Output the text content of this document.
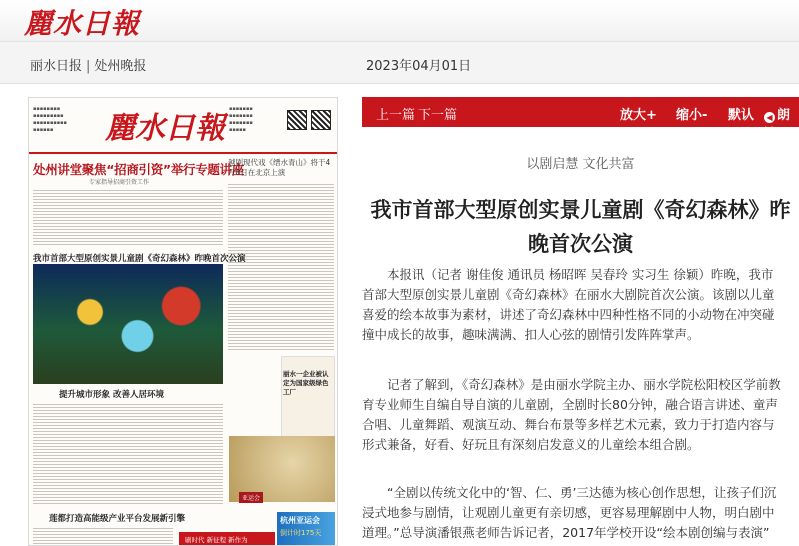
麗水日報
丽水日报 | 处州晚报	2023年04月01日
麗水日報
▪▪▪▪▪▪▪▪
▪▪▪▪▪▪▪▪▪
▪▪▪▪▪▪▪▪▪▪
▪▪▪▪▪▪
▪▪▪▪▪▪▪
▪▪▪▪▪▪▪
▪▪▪▪▪▪▪
▪▪▪▪▪
处州讲堂聚焦“招商引资”举行专题讲座
专家指导招商引资工作
越剧现代戏《缙水青山》将于4月8日在北京上演
我市首部大型原创实景儿童剧《奇幻森林》昨晚首次公演
提升城市形象 改善人居环境
丽水一企业被认定为国家级绿色工厂
亚运会
莲都打造高能级产业平台发展新引擎
刷时代 新征程 新作为
杭州亚运会
倒计时175天
上一篇 下一篇	放大+ 缩小- 默认	◀ 朗读
以剧启慧 文化共富
我市首部大型原创实景儿童剧《奇幻森林》昨晚首次公演

本报讯（记者 谢佳俊 通讯员 杨昭晖 吴春玲 实习生 徐颖）昨晚，我市首部大型原创实景儿童剧《奇幻森林》在丽水大剧院首次公演。该剧以儿童喜爱的绘本故事为素材，讲述了奇幻森林中四种性格不同的小动物在冲突碰撞中成长的故事，趣味满满、扣人心弦的剧情引发阵阵掌声。

记者了解到，《奇幻森林》是由丽水学院主办、丽水学院松阳校区学前教育专业师生自编自导自演的儿童剧，全剧时长80分钟，融合语言讲述、童声合唱、儿童舞蹈、观演互动、舞台布景等多样艺术元素，致力于打造内容与形式兼备，好看、好玩且有深刻启发意义的儿童绘本组合剧。

“全剧以传统文化中的‘智、仁、勇’三达德为核心创作思想，让孩子们沉浸式地参与剧情，让观剧儿童更有亲切感，更容易理解剧中人物，明白剧中道理。”总导演潘银燕老师告诉记者，2017年学校开设“绘本剧创编与表演”
